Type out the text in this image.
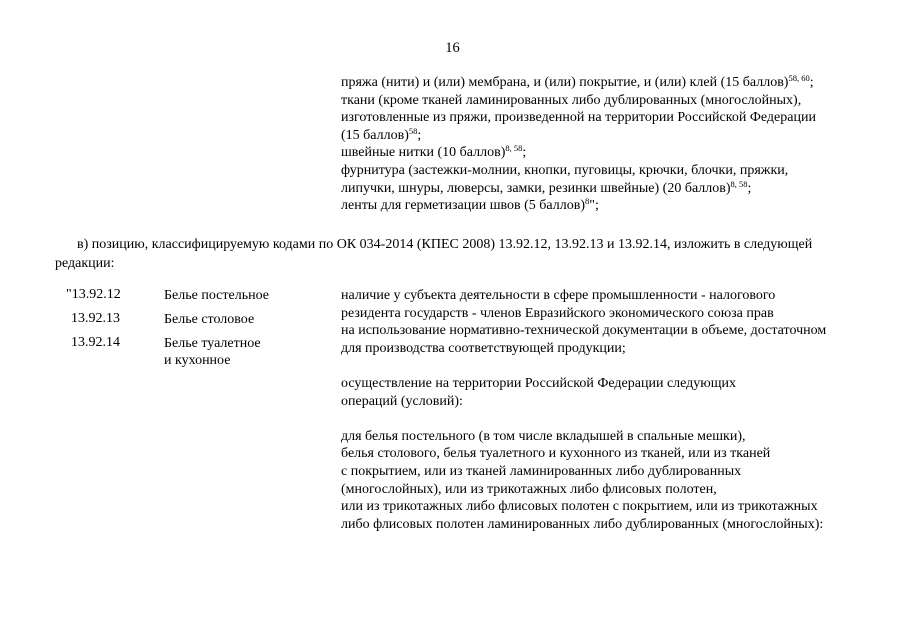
16
пряжа (нити) и (или) мембрана, и (или) покрытие, и (или) клей (15 баллов)$^{58, 60}$;
ткани (кроме тканей ламинированных либо дублированных (многослойных),
изготовленные из пряжи, произведенной на территории Российской Федерации
(15 баллов)$^{58}$;
швейные нитки (10 баллов)$^{8, 58}$;
фурнитура (застежки-молнии, кнопки, пуговицы, крючки, блочки, пряжки,
липучки, шнуры, люверсы, замки, резинки швейные) (20 баллов)$^{8, 58}$;
ленты для герметизации швов (5 баллов)$^8$";
в) позицию, классифицируемую кодами по ОК 034-2014 (КПЕС 2008) 13.92.12, 13.92.13 и 13.92.14, изложить в следующей
редакции:
"13.92.12	Белье постельное
13.92.13	Белье столовое
13.92.14	Белье туалетное
и кухонное
наличие у субъекта деятельности в сфере промышленности - налогового
резидента государств - членов Евразийского экономического союза прав
на использование нормативно-технической документации в объеме, достаточном
для производства соответствующей продукции;
осуществление на территории Российской Федерации следующих
операций (условий):
для белья постельного (в том числе вкладышей в спальные мешки),
белья столового, белья туалетного и кухонного из тканей, или из тканей
с покрытием, или из тканей ламинированных либо дублированных
(многослойных), или из трикотажных либо флисовых полотен,
или из трикотажных либо флисовых полотен с покрытием, или из трикотажных
либо флисовых полотен ламинированных либо дублированных (многослойных):
